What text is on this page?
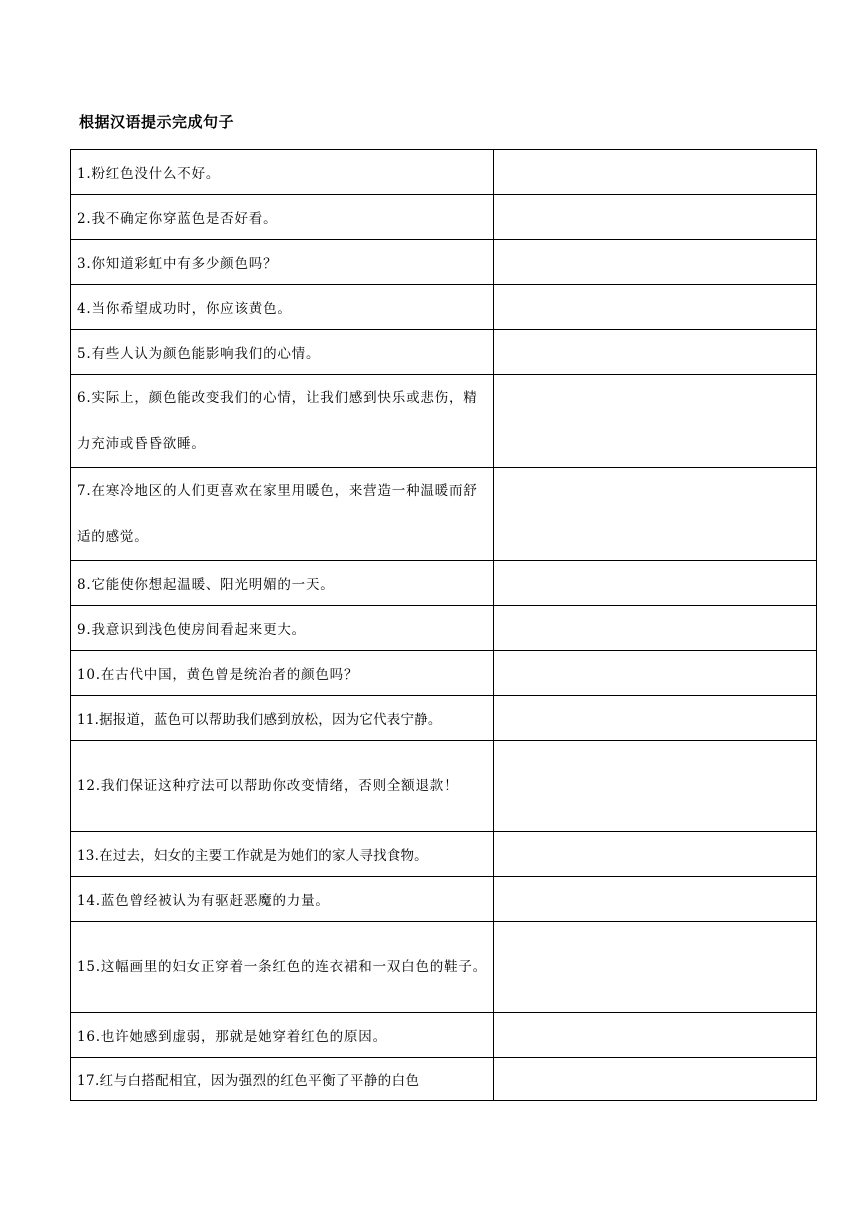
根据汉语提示完成句子
1.粉红色没什么不好。	
2.我不确定你穿蓝色是否好看。	
3.你知道彩虹中有多少颜色吗？	
4.当你希望成功时，你应该黄色。	
5.有些人认为颜色能影响我们的心情。	
6.实际上，颜色能改变我们的心情，让我们感到快乐或悲伤，精力充沛或昏昏欲睡。	
7.在寒冷地区的人们更喜欢在家里用暖色，来营造一种温暖而舒适的感觉。	
8.它能使你想起温暖、阳光明媚的一天。	
9.我意识到浅色使房间看起来更大。	
10.在古代中国，黄色曾是统治者的颜色吗？	
11.据报道，蓝色可以帮助我们感到放松，因为它代表宁静。	
12.我们保证这种疗法可以帮助你改变情绪，否则全额退款！	
13.在过去，妇女的主要工作就是为她们的家人寻找食物。	
14.蓝色曾经被认为有驱赶恶魔的力量。	
15.这幅画里的妇女正穿着一条红色的连衣裙和一双白色的鞋子。	
16.也许她感到虚弱，那就是她穿着红色的原因。	
17.红与白搭配相宜，因为强烈的红色平衡了平静的白色	
